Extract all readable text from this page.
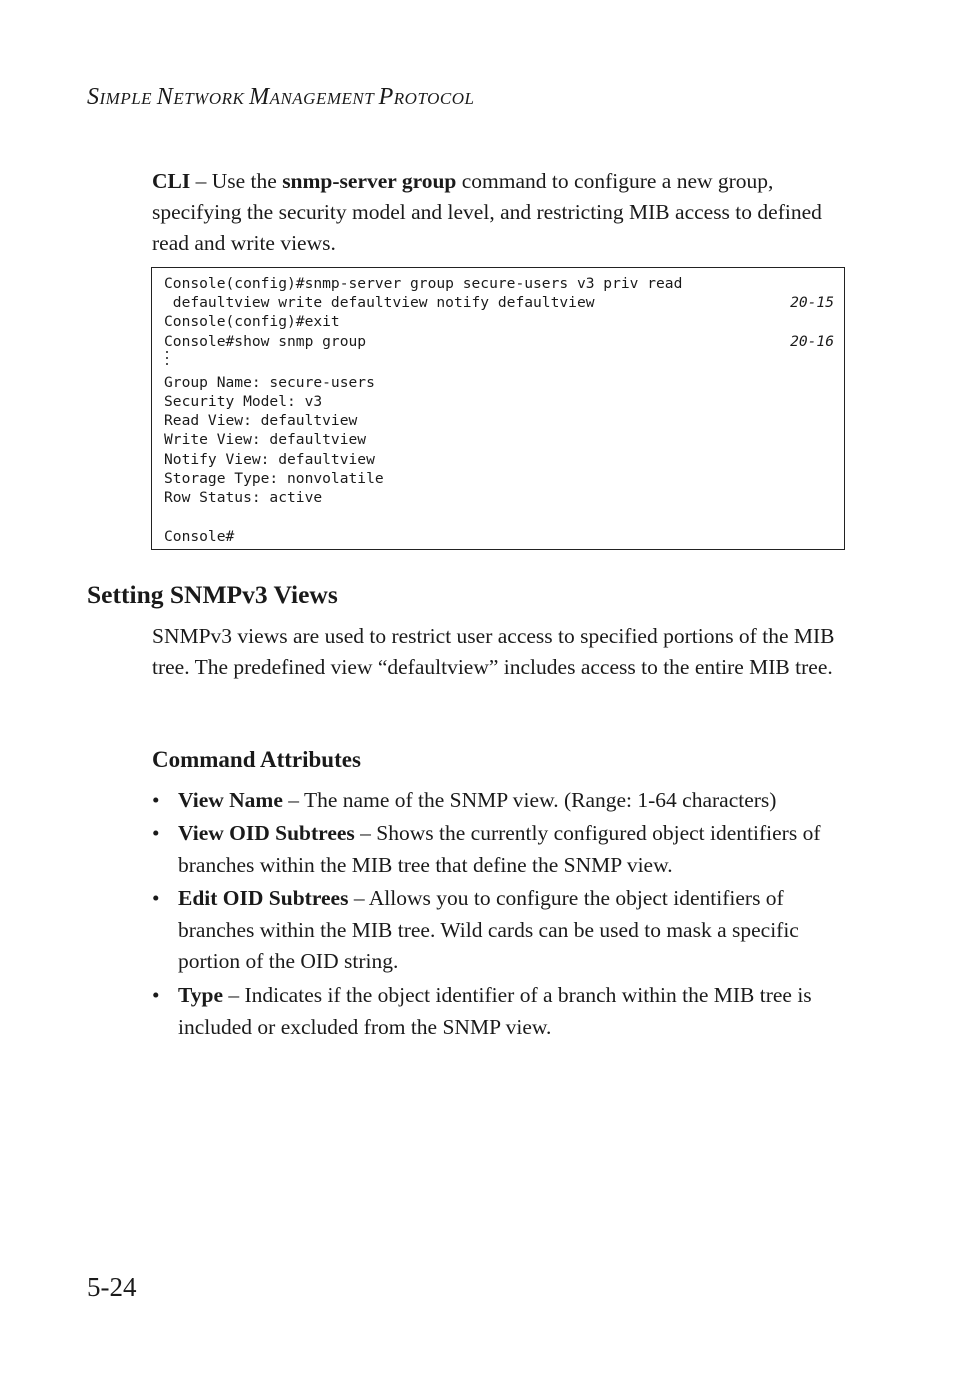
SIMPLE NETWORK MANAGEMENT PROTOCOL
CLI – Use the snmp-server group command to configure a new group, specifying the security model and level, and restricting MIB access to defined read and write views.
Console(config)#snmp-server group secure-users v3 priv read
defaultview write defaultview notify defaultview	20-15
Console(config)#exit
Console#show snmp group	20-16
Group Name: secure-users
Security Model: v3
Read View: defaultview
Write View: defaultview
Notify View: defaultview
Storage Type: nonvolatile
Row Status: active
Console#
Setting SNMPv3 Views
SNMPv3 views are used to restrict user access to specified portions of the MIB tree. The predefined view “defaultview” includes access to the entire MIB tree.
Command Attributes
• View Name – The name of the SNMP view. (Range: 1-64 characters)
• View OID Subtrees – Shows the currently configured object identifiers of branches within the MIB tree that define the SNMP view.
• Edit OID Subtrees – Allows you to configure the object identifiers of branches within the MIB tree. Wild cards can be used to mask a specific portion of the OID string.
• Type – Indicates if the object identifier of a branch within the MIB tree is included or excluded from the SNMP view.
5-24
